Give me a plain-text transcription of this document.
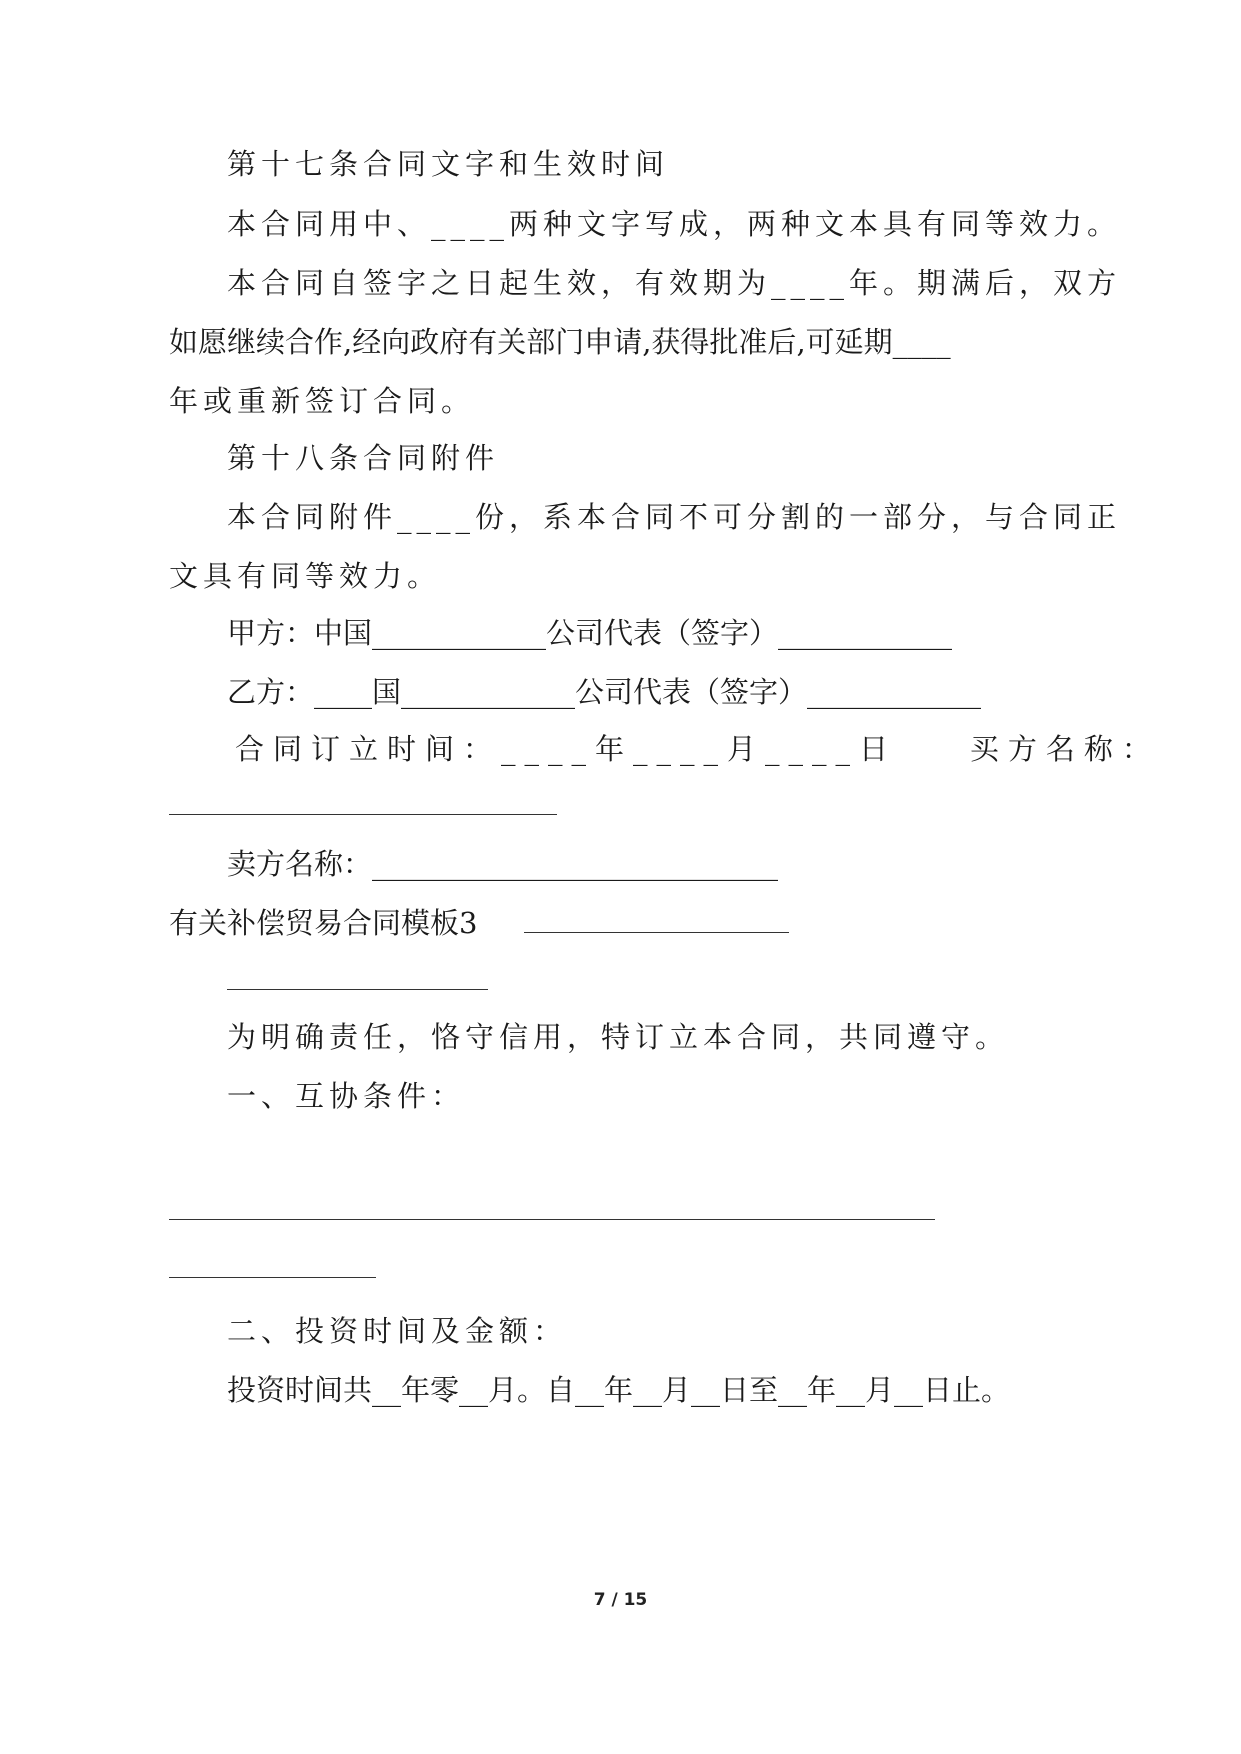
第十七条合同文字和生效时间
本合同用中、____两种文字写成，两种文本具有同等效力。
本合同自签字之日起生效，有效期为____年。期满后，双方
如愿继续合作,经向政府有关部门申请,获得批准后,可延期____
年或重新签订合同。
第十八条合同附件
本合同附件____份，系本合同不可分割的一部分，与合同正
文具有同等效力。
甲方：中国____________公司代表（签字）____________
乙方：____国____________公司代表（签字）____________
合同订立时间：____年____月____日    买方名称：
卖方名称：____________________________
有关补偿贸易合同模板3
为明确责任，恪守信用，特订立本合同，共同遵守。
一、互协条件：
二、投资时间及金额：
投资时间共__年零__月。自__年__月__日至__年__月__日止。
7 / 15
